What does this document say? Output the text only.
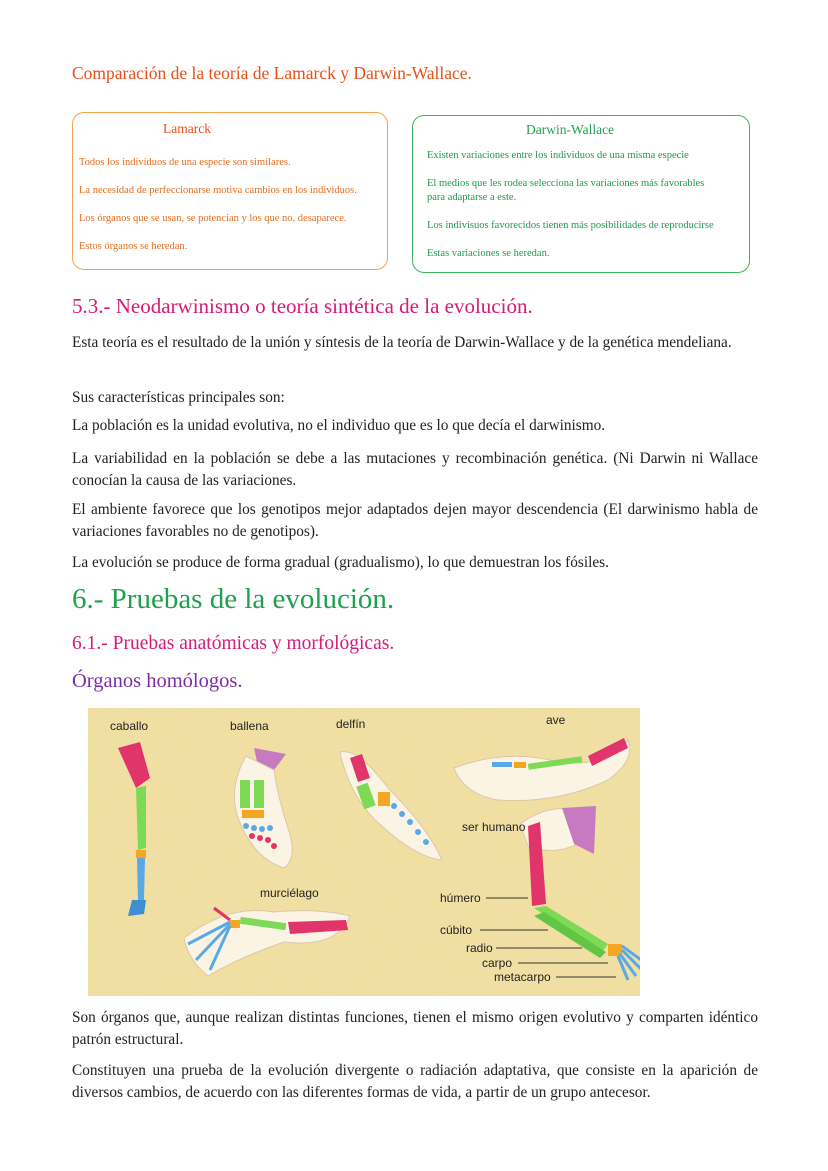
Comparación de la teoría de Lamarck y Darwin-Wallace.
Lamarck
Todos los individuos de una especie son similares.
La necesidad de perfeccionarse motiva cambios en los individuos.
Los órganos que se usan, se potencian y los que no, desaparece.
Estos órganos se heredan.
Darwin-Wallace
Existen variaciones entre los individuos de una misma especie
El medios que les rodea selecciona las variaciones más favorables
para adaptarse a este.
Los indivisuos favorecidos tienen más posibilidades de reproducirse
Estas variaciones se heredan.
5.3.- Neodarwinismo o teoría sintética de la evolución.
Esta teoría es el resultado de la unión y síntesis de la teoría de Darwin-Wallace y de la genética mendeliana.
Sus características principales son:
La población es la unidad evolutiva, no el individuo que es lo que decía el darwinismo.
La variabilidad en la población se debe a las mutaciones y recombinación genética. (Ni Darwin ni Wallace conocían la causa de las variaciones.
El ambiente favorece que los genotipos mejor adaptados dejen mayor descendencia (El darwinismo habla de variaciones favorables no de genotipos).
La evolución se produce de forma gradual (gradualismo), lo que demuestran los fósiles.
6.- Pruebas de la evolución.
6.1.- Pruebas anatómicas y morfológicas.
Órganos homólogos.
caballo	ballena	delfín	ave
ser humano
murciélago	húmero
cúbito
radio
carpo
metacarpo
Son órganos que, aunque realizan distintas funciones, tienen el mismo origen evolutivo y comparten idéntico patrón estructural.
Constituyen una prueba de la evolución divergente o radiación adaptativa, que consiste en la aparición de diversos cambios, de acuerdo con las diferentes formas de vida, a partir de un grupo antecesor.
